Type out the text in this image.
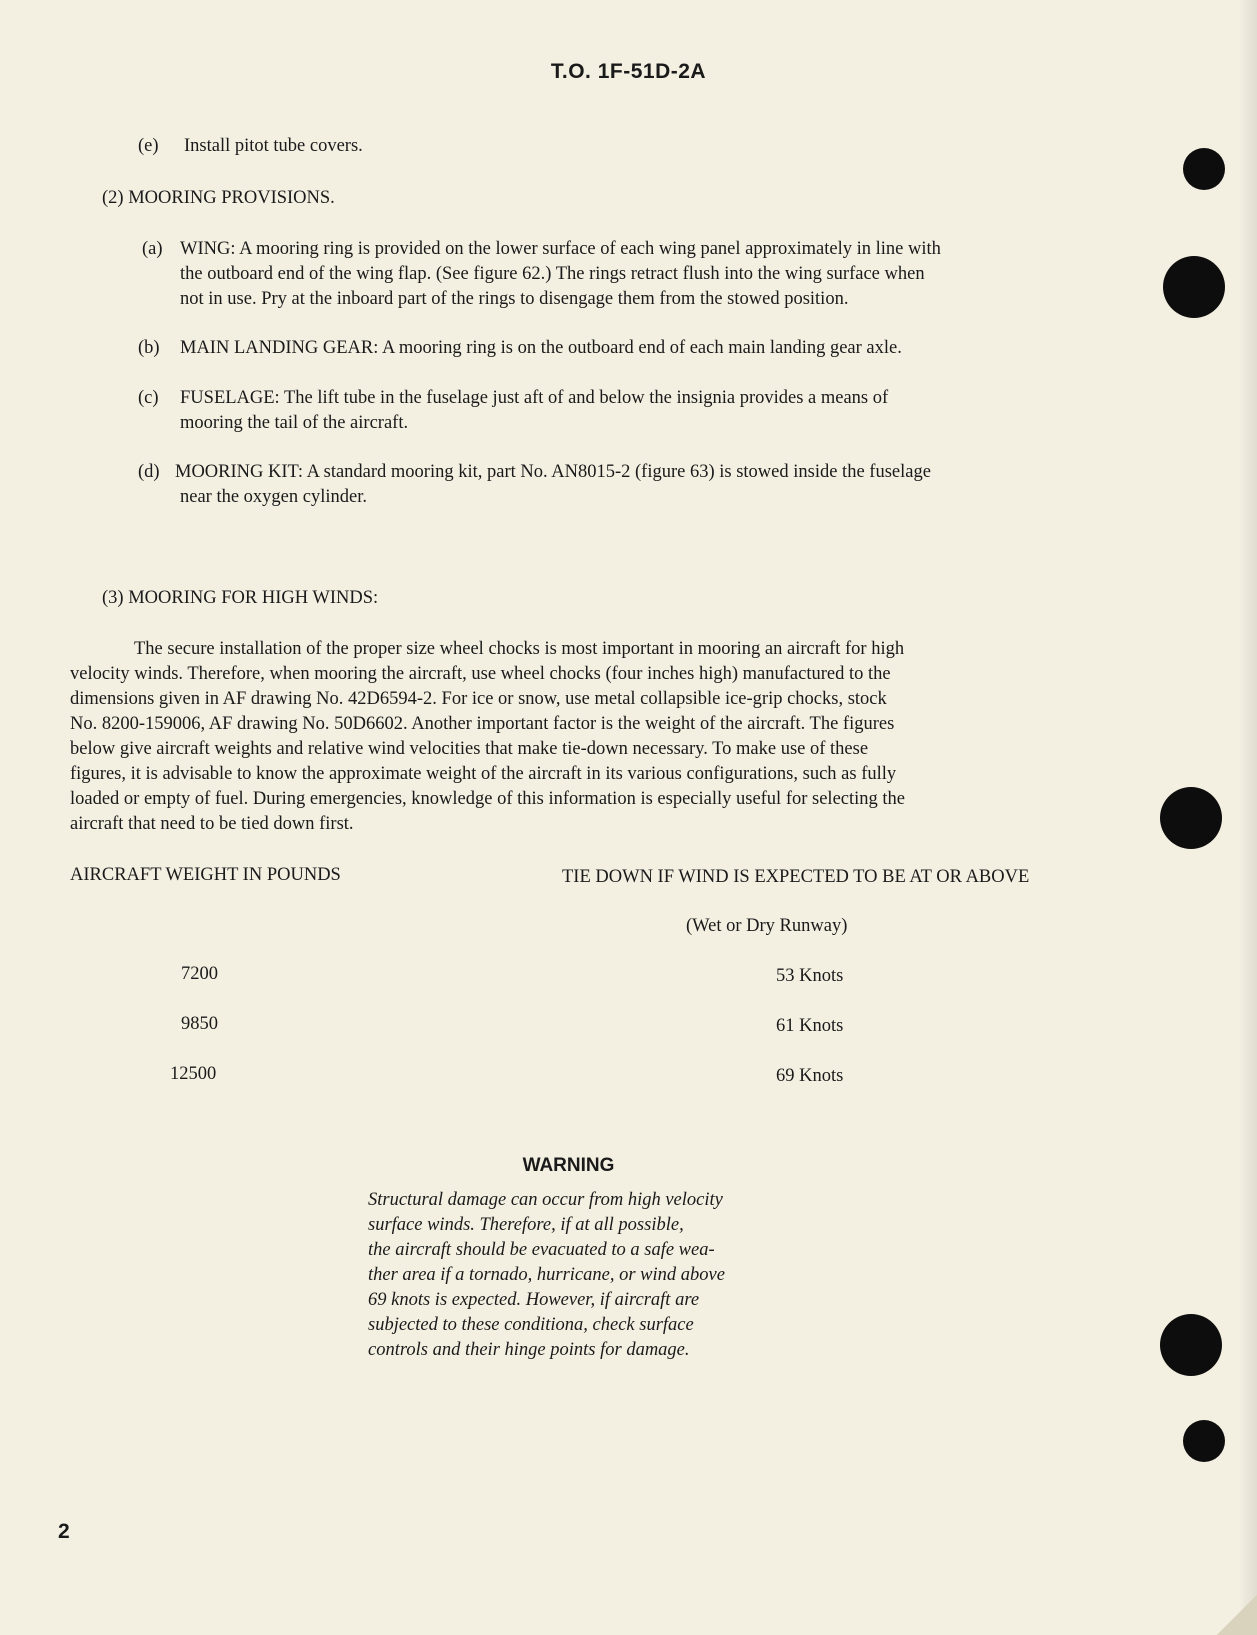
T.O. 1F-51D-2A
(e) Install pitot tube covers.
(2) MOORING PROVISIONS.
(a) WING: A mooring ring is provided on the lower surface of each wing panel approximately in line with
the outboard end of the wing flap. (See figure 62.) The rings retract flush into the wing surface when
not in use. Pry at the inboard part of the rings to disengage them from the stowed position.
(b) MAIN LANDING GEAR: A mooring ring is on the outboard end of each main landing gear axle.
(c) FUSELAGE: The lift tube in the fuselage just aft of and below the insignia provides a means of
mooring the tail of the aircraft.
(d) MOORING KIT: A standard mooring kit, part No. AN8015-2 (figure 63) is stowed inside the fuselage
near the oxygen cylinder.
(3) MOORING FOR HIGH WINDS:
The secure installation of the proper size wheel chocks is most important in mooring an aircraft for high
velocity winds. Therefore, when mooring the aircraft, use wheel chocks (four inches high) manufactured to the
dimensions given in AF drawing No. 42D6594-2. For ice or snow, use metal collapsible ice-grip chocks, stock
No. 8200-159006, AF drawing No. 50D6602. Another important factor is the weight of the aircraft. The figures
below give aircraft weights and relative wind velocities that make tie-down necessary. To make use of these
figures, it is advisable to know the approximate weight of the aircraft in its various configurations, such as fully
loaded or empty of fuel. During emergencies, knowledge of this information is especially useful for selecting the
aircraft that need to be tied down first.
AIRCRAFT WEIGHT IN POUNDS	TIE DOWN IF WIND IS EXPECTED TO BE AT OR ABOVE
(Wet or Dry Runway)
7200	53 Knots
9850	61 Knots
12500	69 Knots
WARNING
Structural damage can occur from high velocity
surface winds. Therefore, if at all possible,
the aircraft should be evacuated to a safe wea-
ther area if a tornado, hurricane, or wind above
69 knots is expected. However, if aircraft are
subjected to these conditiona, check surface
controls and their hinge points for damage.
2
